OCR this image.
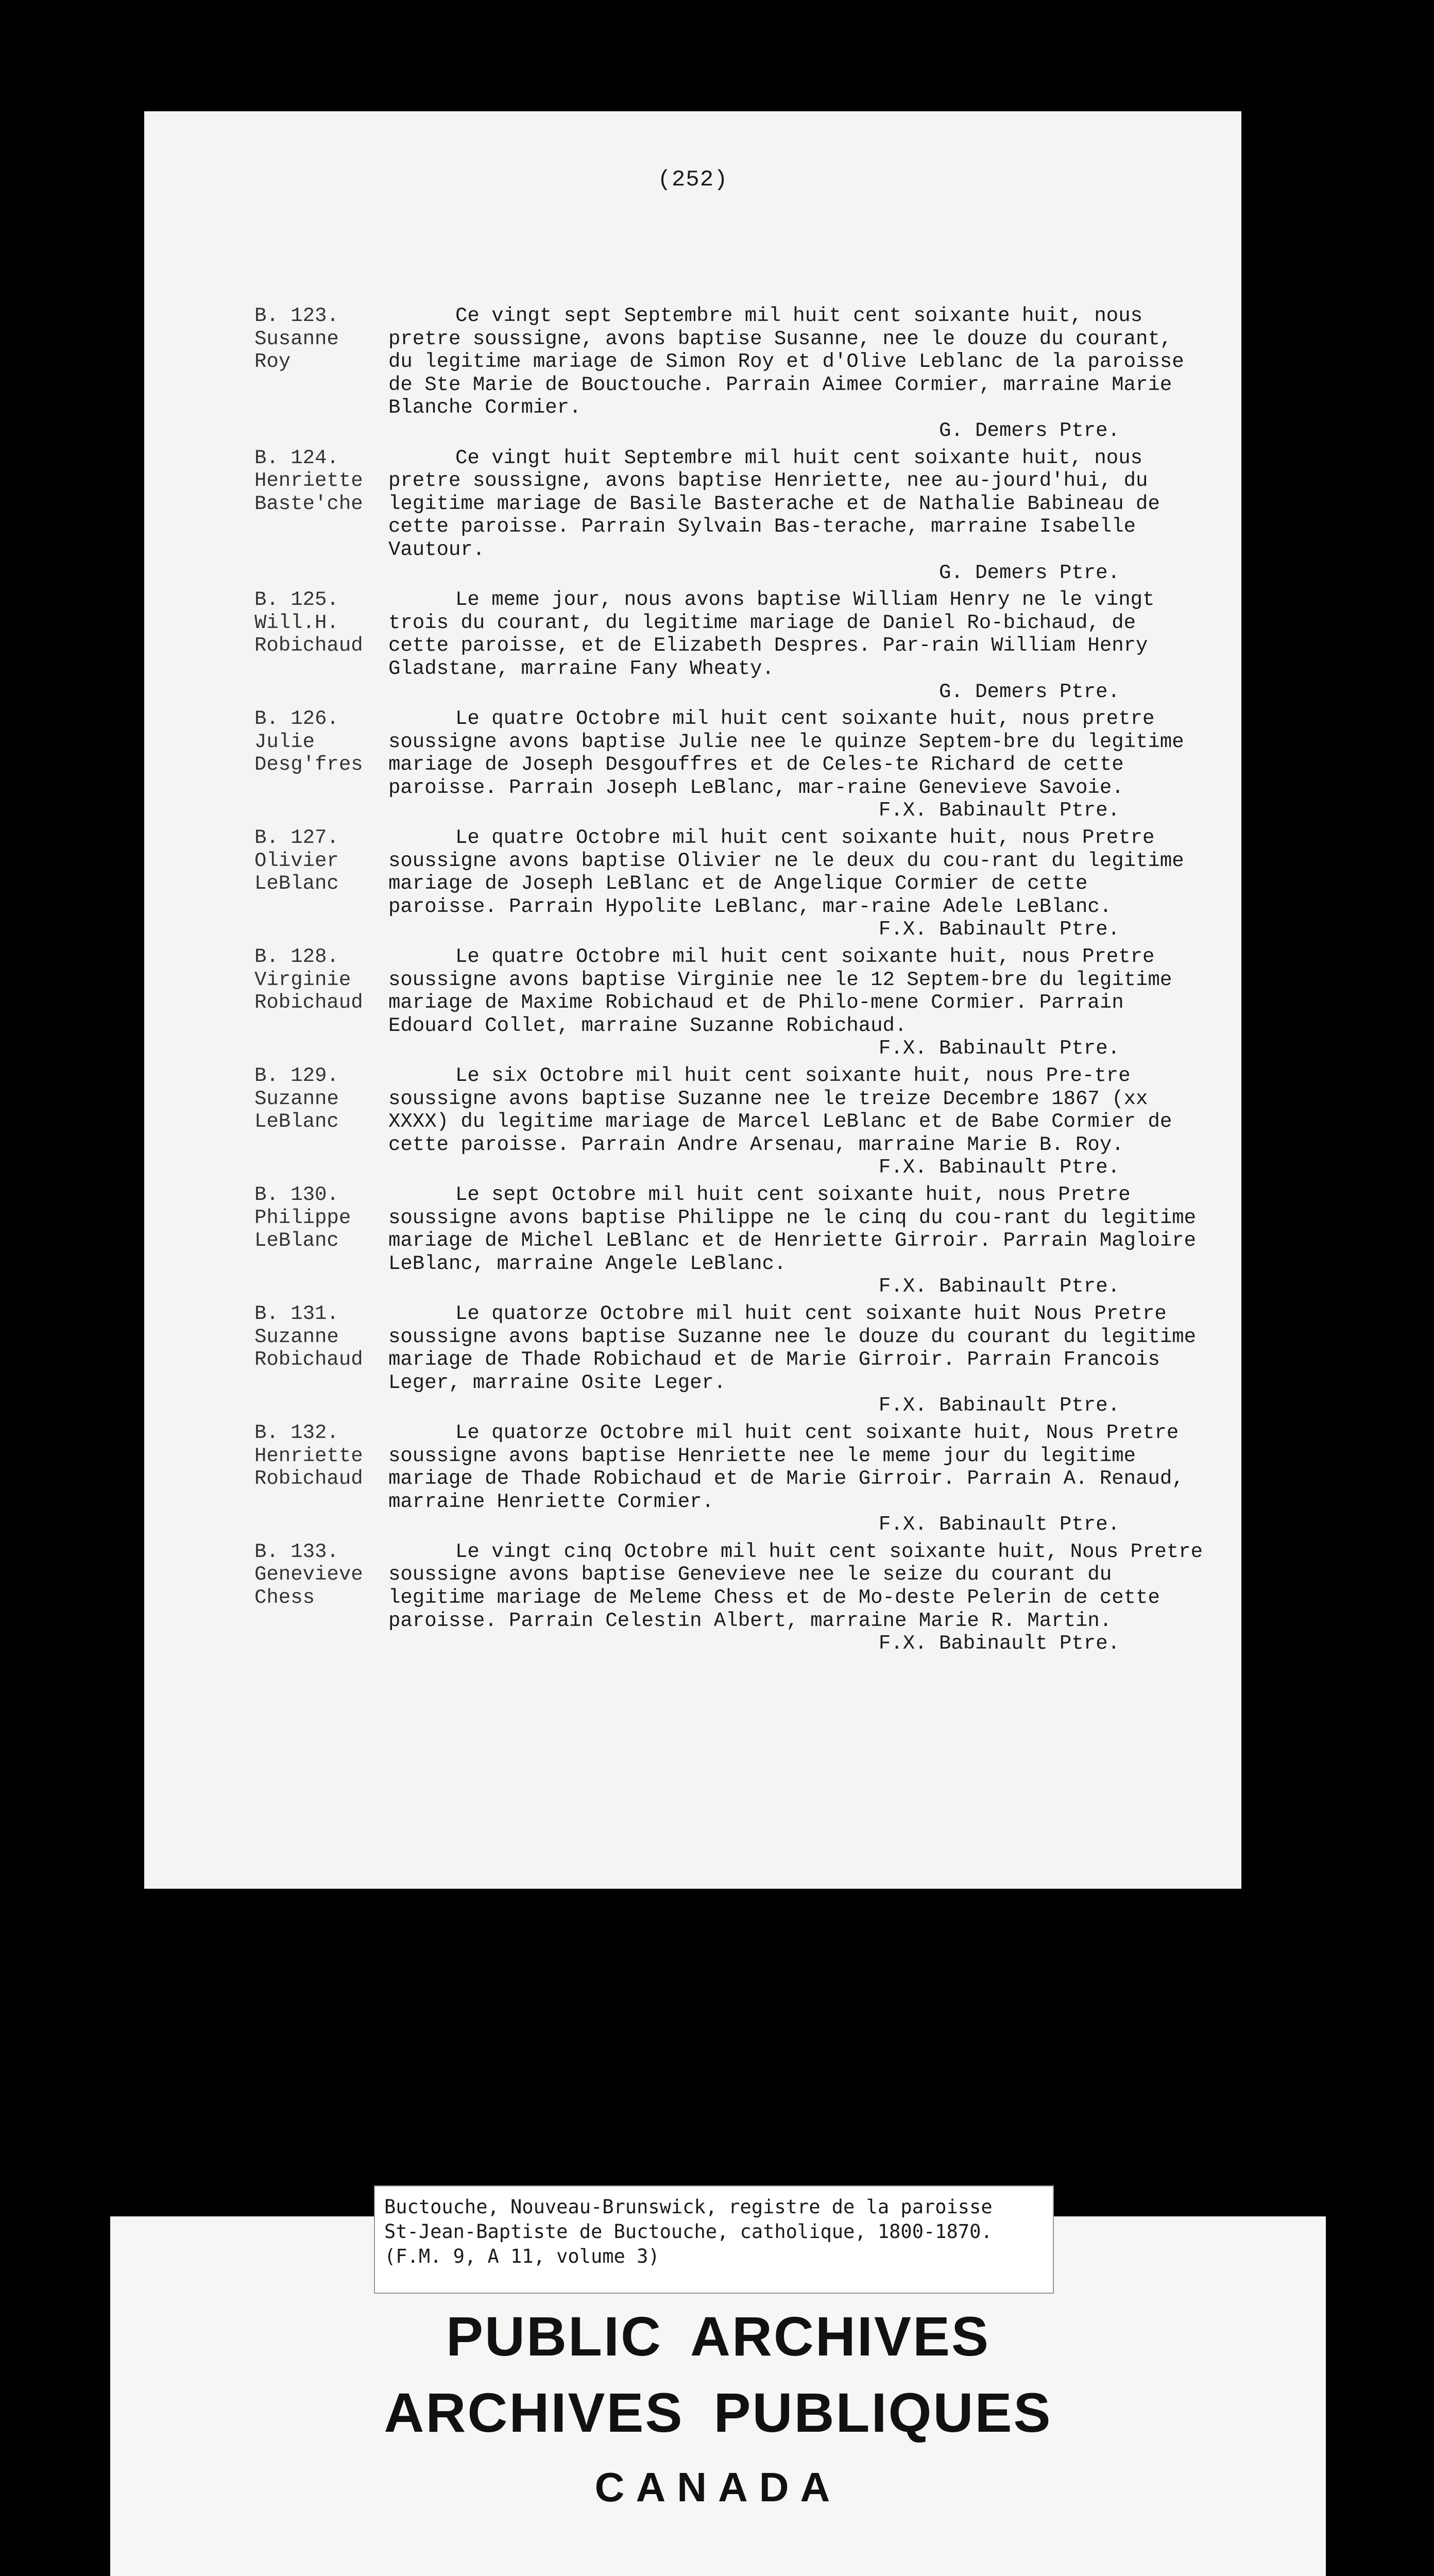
(252)
B. 123.
Susanne
Roy

Ce vingt sept Septembre mil huit cent soixante huit, nous pretre soussigne, avons baptise Susanne, nee le douze du courant, du legitime mariage de Simon Roy et d'Olive Leblanc de la paroisse de Ste Marie de Bouctouche. Parrain Aimee Cormier, marraine Marie Blanche Cormier.

G. Demers Ptre.
B. 124.
Henriette
Baste'che

Ce vingt huit Septembre mil huit cent soixante huit, nous pretre soussigne, avons baptise Henriette, nee au-jourd'hui, du legitime mariage de Basile Basterache et de Nathalie Babineau de cette paroisse. Parrain Sylvain Bas-terache, marraine Isabelle Vautour.

G. Demers Ptre.
B. 125.
Will.H.
Robichaud

Le meme jour, nous avons baptise William Henry ne le vingt trois du courant, du legitime mariage de Daniel Ro-bichaud, de cette paroisse, et de Elizabeth Despres. Par-rain William Henry Gladstane, marraine Fany Wheaty.

G. Demers Ptre.
B. 126.
Julie
Desg'fres

Le quatre Octobre mil huit cent soixante huit, nous pretre soussigne avons baptise Julie nee le quinze Septem-bre du legitime mariage de Joseph Desgouffres et de Celes-te Richard de cette paroisse. Parrain Joseph LeBlanc, mar-raine Genevieve Savoie.

F.X. Babinault Ptre.
B. 127.
Olivier
LeBlanc

Le quatre Octobre mil huit cent soixante huit, nous Pretre soussigne avons baptise Olivier ne le deux du cou-rant du legitime mariage de Joseph LeBlanc et de Angelique Cormier de cette paroisse. Parrain Hypolite LeBlanc, mar-raine Adele LeBlanc.

F.X. Babinault Ptre.
B. 128.
Virginie
Robichaud

Le quatre Octobre mil huit cent soixante huit, nous Pretre soussigne avons baptise Virginie nee le 12 Septem-bre du legitime mariage de Maxime Robichaud et de Philo-mene Cormier. Parrain Edouard Collet, marraine Suzanne Robichaud.

F.X. Babinault Ptre.
B. 129.
Suzanne
LeBlanc

Le six Octobre mil huit cent soixante huit, nous Pre-tre soussigne avons baptise Suzanne nee le treize Decembre 1867 (xx XXXX) du legitime mariage de Marcel LeBlanc et de Babe Cormier de cette paroisse. Parrain Andre Arsenau, marraine Marie B. Roy.

F.X. Babinault Ptre.
B. 130.
Philippe
LeBlanc

Le sept Octobre mil huit cent soixante huit, nous Pretre soussigne avons baptise Philippe ne le cinq du cou-rant du legitime mariage de Michel LeBlanc et de Henriette Girroir. Parrain Magloire LeBlanc, marraine Angele LeBlanc.

F.X. Babinault Ptre.
B. 131.
Suzanne
Robichaud

Le quatorze Octobre mil huit cent soixante huit Nous Pretre soussigne avons baptise Suzanne nee le douze du courant du legitime mariage de Thade Robichaud et de Marie Girroir. Parrain Francois Leger, marraine Osite Leger.

F.X. Babinault Ptre.
B. 132.
Henriette
Robichaud

Le quatorze Octobre mil huit cent soixante huit, Nous Pretre soussigne avons baptise Henriette nee le meme jour du legitime mariage de Thade Robichaud et de Marie Girroir. Parrain A. Renaud, marraine Henriette Cormier.

F.X. Babinault Ptre.
B. 133.
Genevieve
Chess

Le vingt cinq Octobre mil huit cent soixante huit, Nous Pretre soussigne avons baptise Genevieve nee le seize du courant du legitime mariage de Meleme Chess et de Mo-deste Pelerin de cette paroisse. Parrain Celestin Albert, marraine Marie R. Martin.

F.X. Babinault Ptre.
Buctouche, Nouveau-Brunswick, registre de la paroisse
St-Jean-Baptiste de Buctouche, catholique, 1800-1870.
(F.M. 9, A 11, volume 3)
PUBLIC ARCHIVES
ARCHIVES PUBLIQUES
CANADA
